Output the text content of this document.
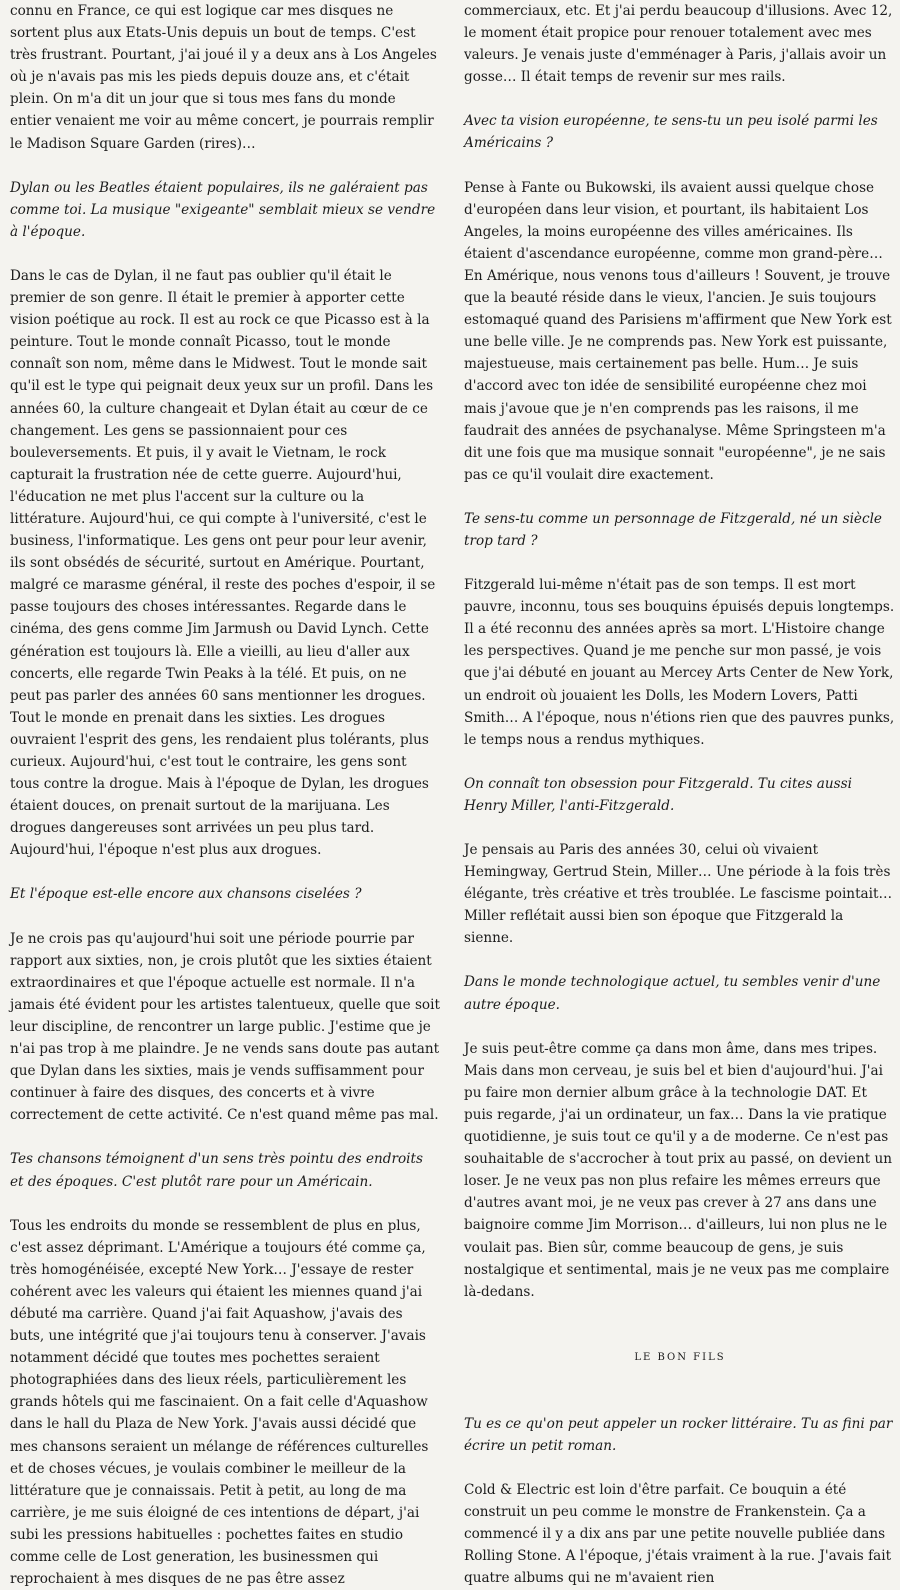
connu en France, ce qui est logique car mes disques ne sortent plus aux Etats-Unis depuis un bout de temps. C'est très frustrant. Pourtant, j'ai joué il y a deux ans à Los Angeles où je n'avais pas mis les pieds depuis douze ans, et c'était plein. On m'a dit un jour que si tous mes fans du monde entier venaient me voir au même concert, je pourrais remplir le Madison Square Garden (rires)…

Dylan ou les Beatles étaient populaires, ils ne galéraient pas comme toi. La musique "exigeante" semblait mieux se vendre à l'époque.

Dans le cas de Dylan, il ne faut pas oublier qu'il était le premier de son genre. Il était le premier à apporter cette vision poétique au rock. Il est au rock ce que Picasso est à la peinture. Tout le monde connaît Picasso, tout le monde connaît son nom, même dans le Midwest. Tout le monde sait qu'il est le type qui peignait deux yeux sur un profil. Dans les années 60, la culture changeait et Dylan était au cœur de ce changement. Les gens se passionnaient pour ces bouleversements. Et puis, il y avait le Vietnam, le rock capturait la frustration née de cette guerre. Aujourd'hui, l'éducation ne met plus l'accent sur la culture ou la littérature. Aujourd'hui, ce qui compte à l'université, c'est le business, l'informatique. Les gens ont peur pour leur avenir, ils sont obsédés de sécurité, surtout en Amérique. Pourtant, malgré ce marasme général, il reste des poches d'espoir, il se passe toujours des choses intéressantes. Regarde dans le cinéma, des gens comme Jim Jarmush ou David Lynch. Cette génération est toujours là. Elle a vieilli, au lieu d'aller aux concerts, elle regarde Twin Peaks à la télé. Et puis, on ne peut pas parler des années 60 sans mentionner les drogues. Tout le monde en prenait dans les sixties. Les drogues ouvraient l'esprit des gens, les rendaient plus tolérants, plus curieux. Aujourd'hui, c'est tout le contraire, les gens sont tous contre la drogue. Mais à l'époque de Dylan, les drogues étaient douces, on prenait surtout de la marijuana. Les drogues dangereuses sont arrivées un peu plus tard. Aujourd'hui, l'époque n'est plus aux drogues.

Et l'époque est-elle encore aux chansons ciselées ?

Je ne crois pas qu'aujourd'hui soit une période pourrie par rapport aux sixties, non, je crois plutôt que les sixties étaient extraordinaires et que l'époque actuelle est normale. Il n'a jamais été évident pour les artistes talentueux, quelle que soit leur discipline, de rencontrer un large public. J'estime que je n'ai pas trop à me plaindre. Je ne vends sans doute pas autant que Dylan dans les sixties, mais je vends suffisamment pour continuer à faire des disques, des concerts et à vivre correctement de cette activité. Ce n'est quand même pas mal.

Tes chansons témoignent d'un sens très pointu des endroits et des époques. C'est plutôt rare pour un Américain.

Tous les endroits du monde se ressemblent de plus en plus, c'est assez déprimant. L'Amérique a toujours été comme ça, très homogénéisée, excepté New York… J'essaye de rester cohérent avec les valeurs qui étaient les miennes quand j'ai débuté ma carrière. Quand j'ai fait Aquashow, j'avais des buts, une intégrité que j'ai toujours tenu à conserver. J'avais notamment décidé que toutes mes pochettes seraient photographiées dans des lieux réels, particulièrement les grands hôtels qui me fascinaient. On a fait celle d'Aquashow dans le hall du Plaza de New York. J'avais aussi décidé que mes chansons seraient un mélange de références culturelles et de choses vécues, je voulais combiner le meilleur de la littérature que je connaissais. Petit à petit, au long de ma carrière, je me suis éloigné de ces intentions de départ, j'ai subi les pressions habituelles : pochettes faites en studio comme celle de Lost generation, les businessmen qui reprochaient à mes disques de ne pas être assez

commerciaux, etc. Et j'ai perdu beaucoup d'illusions. Avec 12, le moment était propice pour renouer totalement avec mes valeurs. Je venais juste d'emménager à Paris, j'allais avoir un gosse… Il était temps de revenir sur mes rails.

Avec ta vision européenne, te sens-tu un peu isolé parmi les Américains ?

Pense à Fante ou Bukowski, ils avaient aussi quelque chose d'européen dans leur vision, et pourtant, ils habitaient Los Angeles, la moins européenne des villes américaines. Ils étaient d'ascendance européenne, comme mon grand-père… En Amérique, nous venons tous d'ailleurs ! Souvent, je trouve que la beauté réside dans le vieux, l'ancien. Je suis toujours estomaqué quand des Parisiens m'affirment que New York est une belle ville. Je ne comprends pas. New York est puissante, majestueuse, mais certainement pas belle. Hum… Je suis d'accord avec ton idée de sensibilité européenne chez moi mais j'avoue que je n'en comprends pas les raisons, il me faudrait des années de psychanalyse. Même Springsteen m'a dit une fois que ma musique sonnait "européenne", je ne sais pas ce qu'il voulait dire exactement.

Te sens-tu comme un personnage de Fitzgerald, né un siècle trop tard ?

Fitzgerald lui-même n'était pas de son temps. Il est mort pauvre, inconnu, tous ses bouquins épuisés depuis longtemps. Il a été reconnu des années après sa mort. L'Histoire change les perspectives. Quand je me penche sur mon passé, je vois que j'ai débuté en jouant au Mercey Arts Center de New York, un endroit où jouaient les Dolls, les Modern Lovers, Patti Smith… A l'époque, nous n'étions rien que des pauvres punks, le temps nous a rendus mythiques.

On connaît ton obsession pour Fitzgerald. Tu cites aussi Henry Miller, l'anti-Fitzgerald.

Je pensais au Paris des années 30, celui où vivaient Hemingway, Gertrud Stein, Miller… Une période à la fois très élégante, très créative et très troublée. Le fascisme pointait… Miller reflétait aussi bien son époque que Fitzgerald la sienne.

Dans le monde technologique actuel, tu sembles venir d'une autre époque.

Je suis peut-être comme ça dans mon âme, dans mes tripes. Mais dans mon cerveau, je suis bel et bien d'aujourd'hui. J'ai pu faire mon dernier album grâce à la technologie DAT. Et puis regarde, j'ai un ordinateur, un fax… Dans la vie pratique quotidienne, je suis tout ce qu'il y a de moderne. Ce n'est pas souhaitable de s'accrocher à tout prix au passé, on devient un loser. Je ne veux pas non plus refaire les mêmes erreurs que d'autres avant moi, je ne veux pas crever à 27 ans dans une baignoire comme Jim Morrison… d'ailleurs, lui non plus ne le voulait pas. Bien sûr, comme beaucoup de gens, je suis nostalgique et sentimental, mais je ne veux pas me complaire là-dedans.

LE BON FILS

Tu es ce qu'on peut appeler un rocker littéraire. Tu as fini par écrire un petit roman.

Cold & Electric est loin d'être parfait. Ce bouquin a été construit un peu comme le monstre de Frankenstein. Ça a commencé il y a dix ans par une petite nouvelle publiée dans Rolling Stone. A l'époque, j'étais vraiment à la rue. J'avais fait quatre albums qui ne m'avaient rien
